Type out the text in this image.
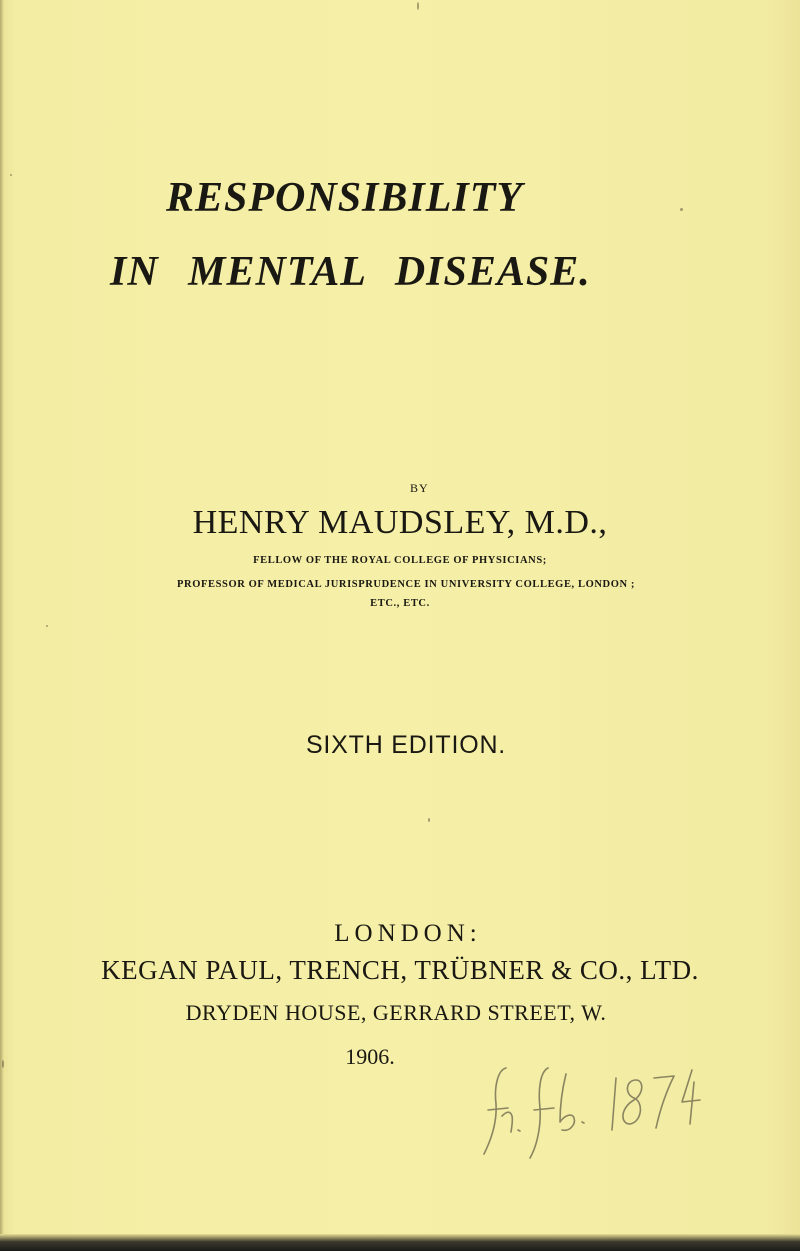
RESPONSIBILITY
IN MENTAL DISEASE.
BY
HENRY MAUDSLEY, M.D.,
FELLOW OF THE ROYAL COLLEGE OF PHYSICIANS;
PROFESSOR OF MEDICAL JURISPRUDENCE IN UNIVERSITY COLLEGE, LONDON ;
ETC., ETC.
SIXTH EDITION.
LONDON:
KEGAN PAUL, TRENCH, TRÜBNER & CO., LTD.
DRYDEN HOUSE, GERRARD STREET, W.
1906.
